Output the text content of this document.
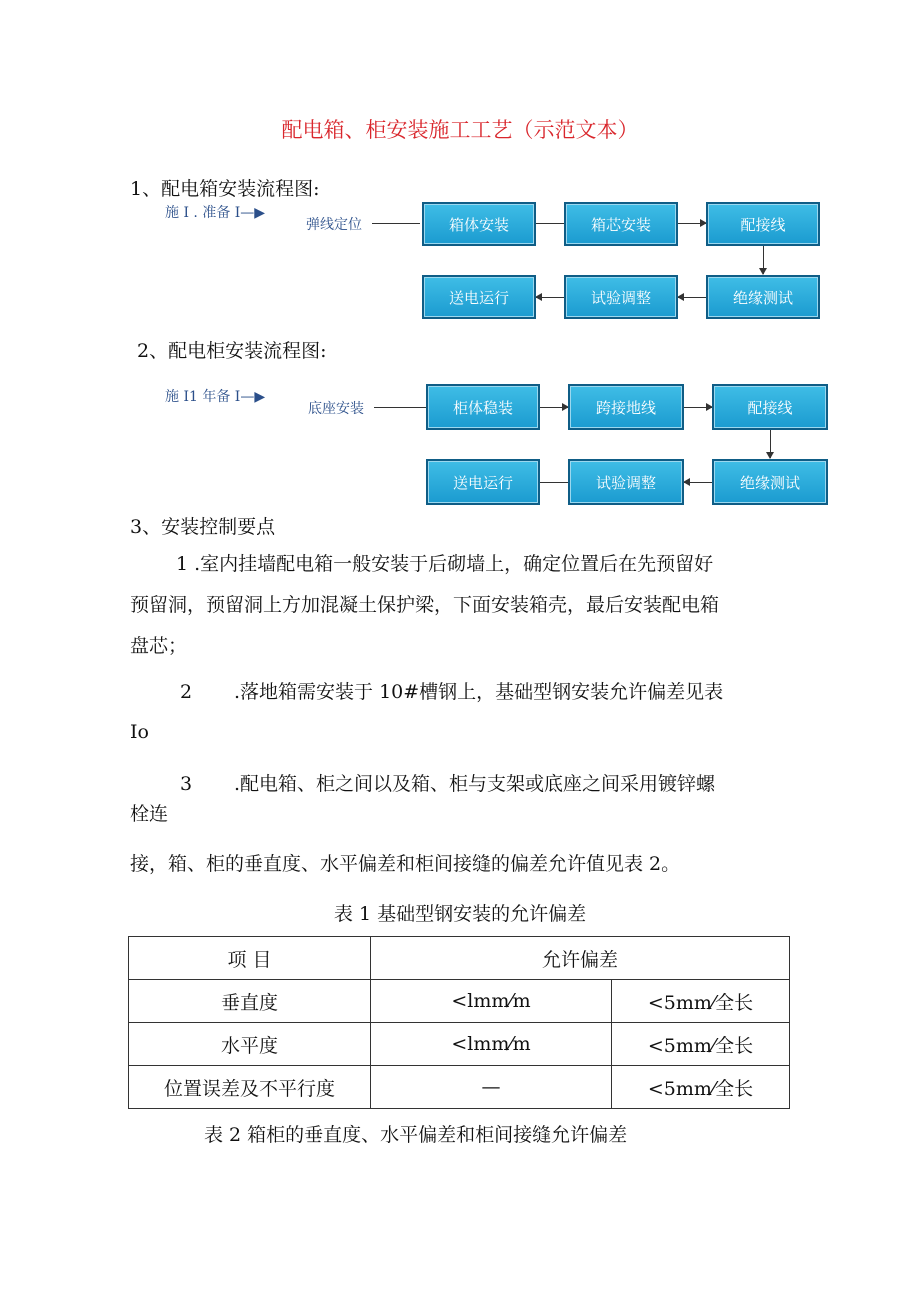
配电箱、柜安装施工工艺（示范文本）
1、配电箱安装流程图:
施 I . 准备 I—▶
弹线定位	箱体安装	箱芯安装	配接线
绝缘测试
试验调整
送电运行
2、配电柜安装流程图:
施 I1 年备 I—▶
底座安装	柜体稳装	跨接地线	配接线
绝缘测试
试验调整
送电运行
3、安装控制要点
1 .室内挂墙配电箱一般安装于后砌墙上，确定位置后在先预留好
预留洞，预留洞上方加混凝土保护梁，下面安装箱壳，最后安装配电箱
盘芯；
2 .落地箱需安装于 10#槽钢上，基础型钢安装允许偏差见表
Io
3 .配电箱、柜之间以及箱、柜与支架或底座之间采用镀锌螺
栓连
接，箱、柜的垂直度、水平偏差和柜间接缝的偏差允许值见表 2。
表 1 基础型钢安装的允许偏差
项 目	允许偏差	
垂直度	<lmm⁄m	<5mm⁄全长
水平度	<lmm⁄m	<5mm⁄全长
位置误差及不平行度	—	<5mm⁄全长
表 2 箱柜的垂直度、水平偏差和柜间接缝允许偏差
